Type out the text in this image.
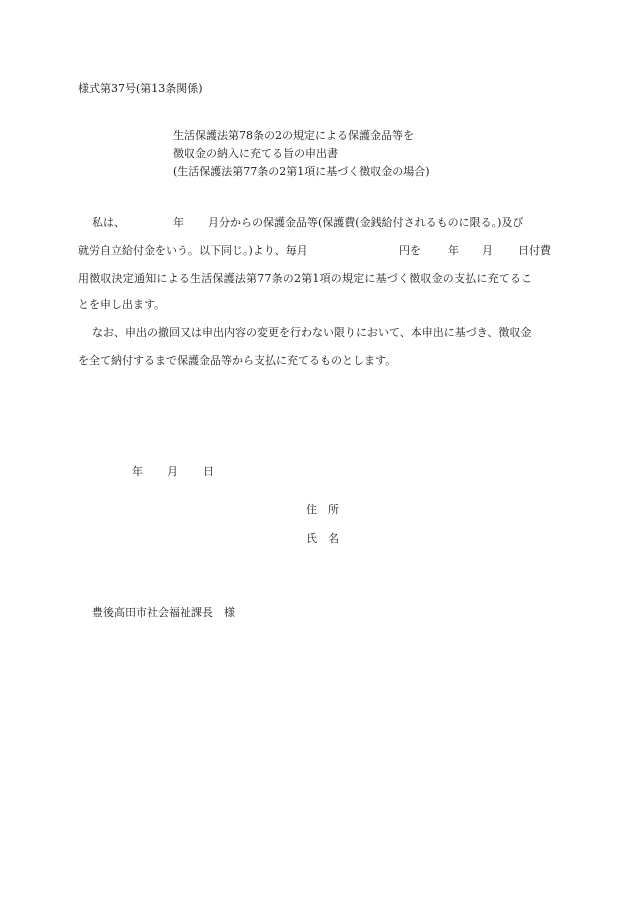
様式第37号(第13条関係)
生活保護法第78条の2の規定による保護金品等を
徴収金の納入に充てる旨の申出書
(生活保護法第77条の2第1項に基づく徴収金の場合)
私は、	年 月分からの保護金品等(保護費(金銭給付されるものに限る。)及び
就労自立給付金をいう。以下同じ。)より、毎月	円を 年 月 日付費
用徴収決定通知による生活保護法第77条の2第1項の規定に基づく徴収金の支払に充てるこ
とを申し出ます。
なお、申出の撤回又は申出内容の変更を行わない限りにおいて、本申出に基づき、徴収金
を全て納付するまで保護金品等から支払に充てるものとします。
年 月 日
住　所
氏　名
豊後高田市社会福祉課長　様
